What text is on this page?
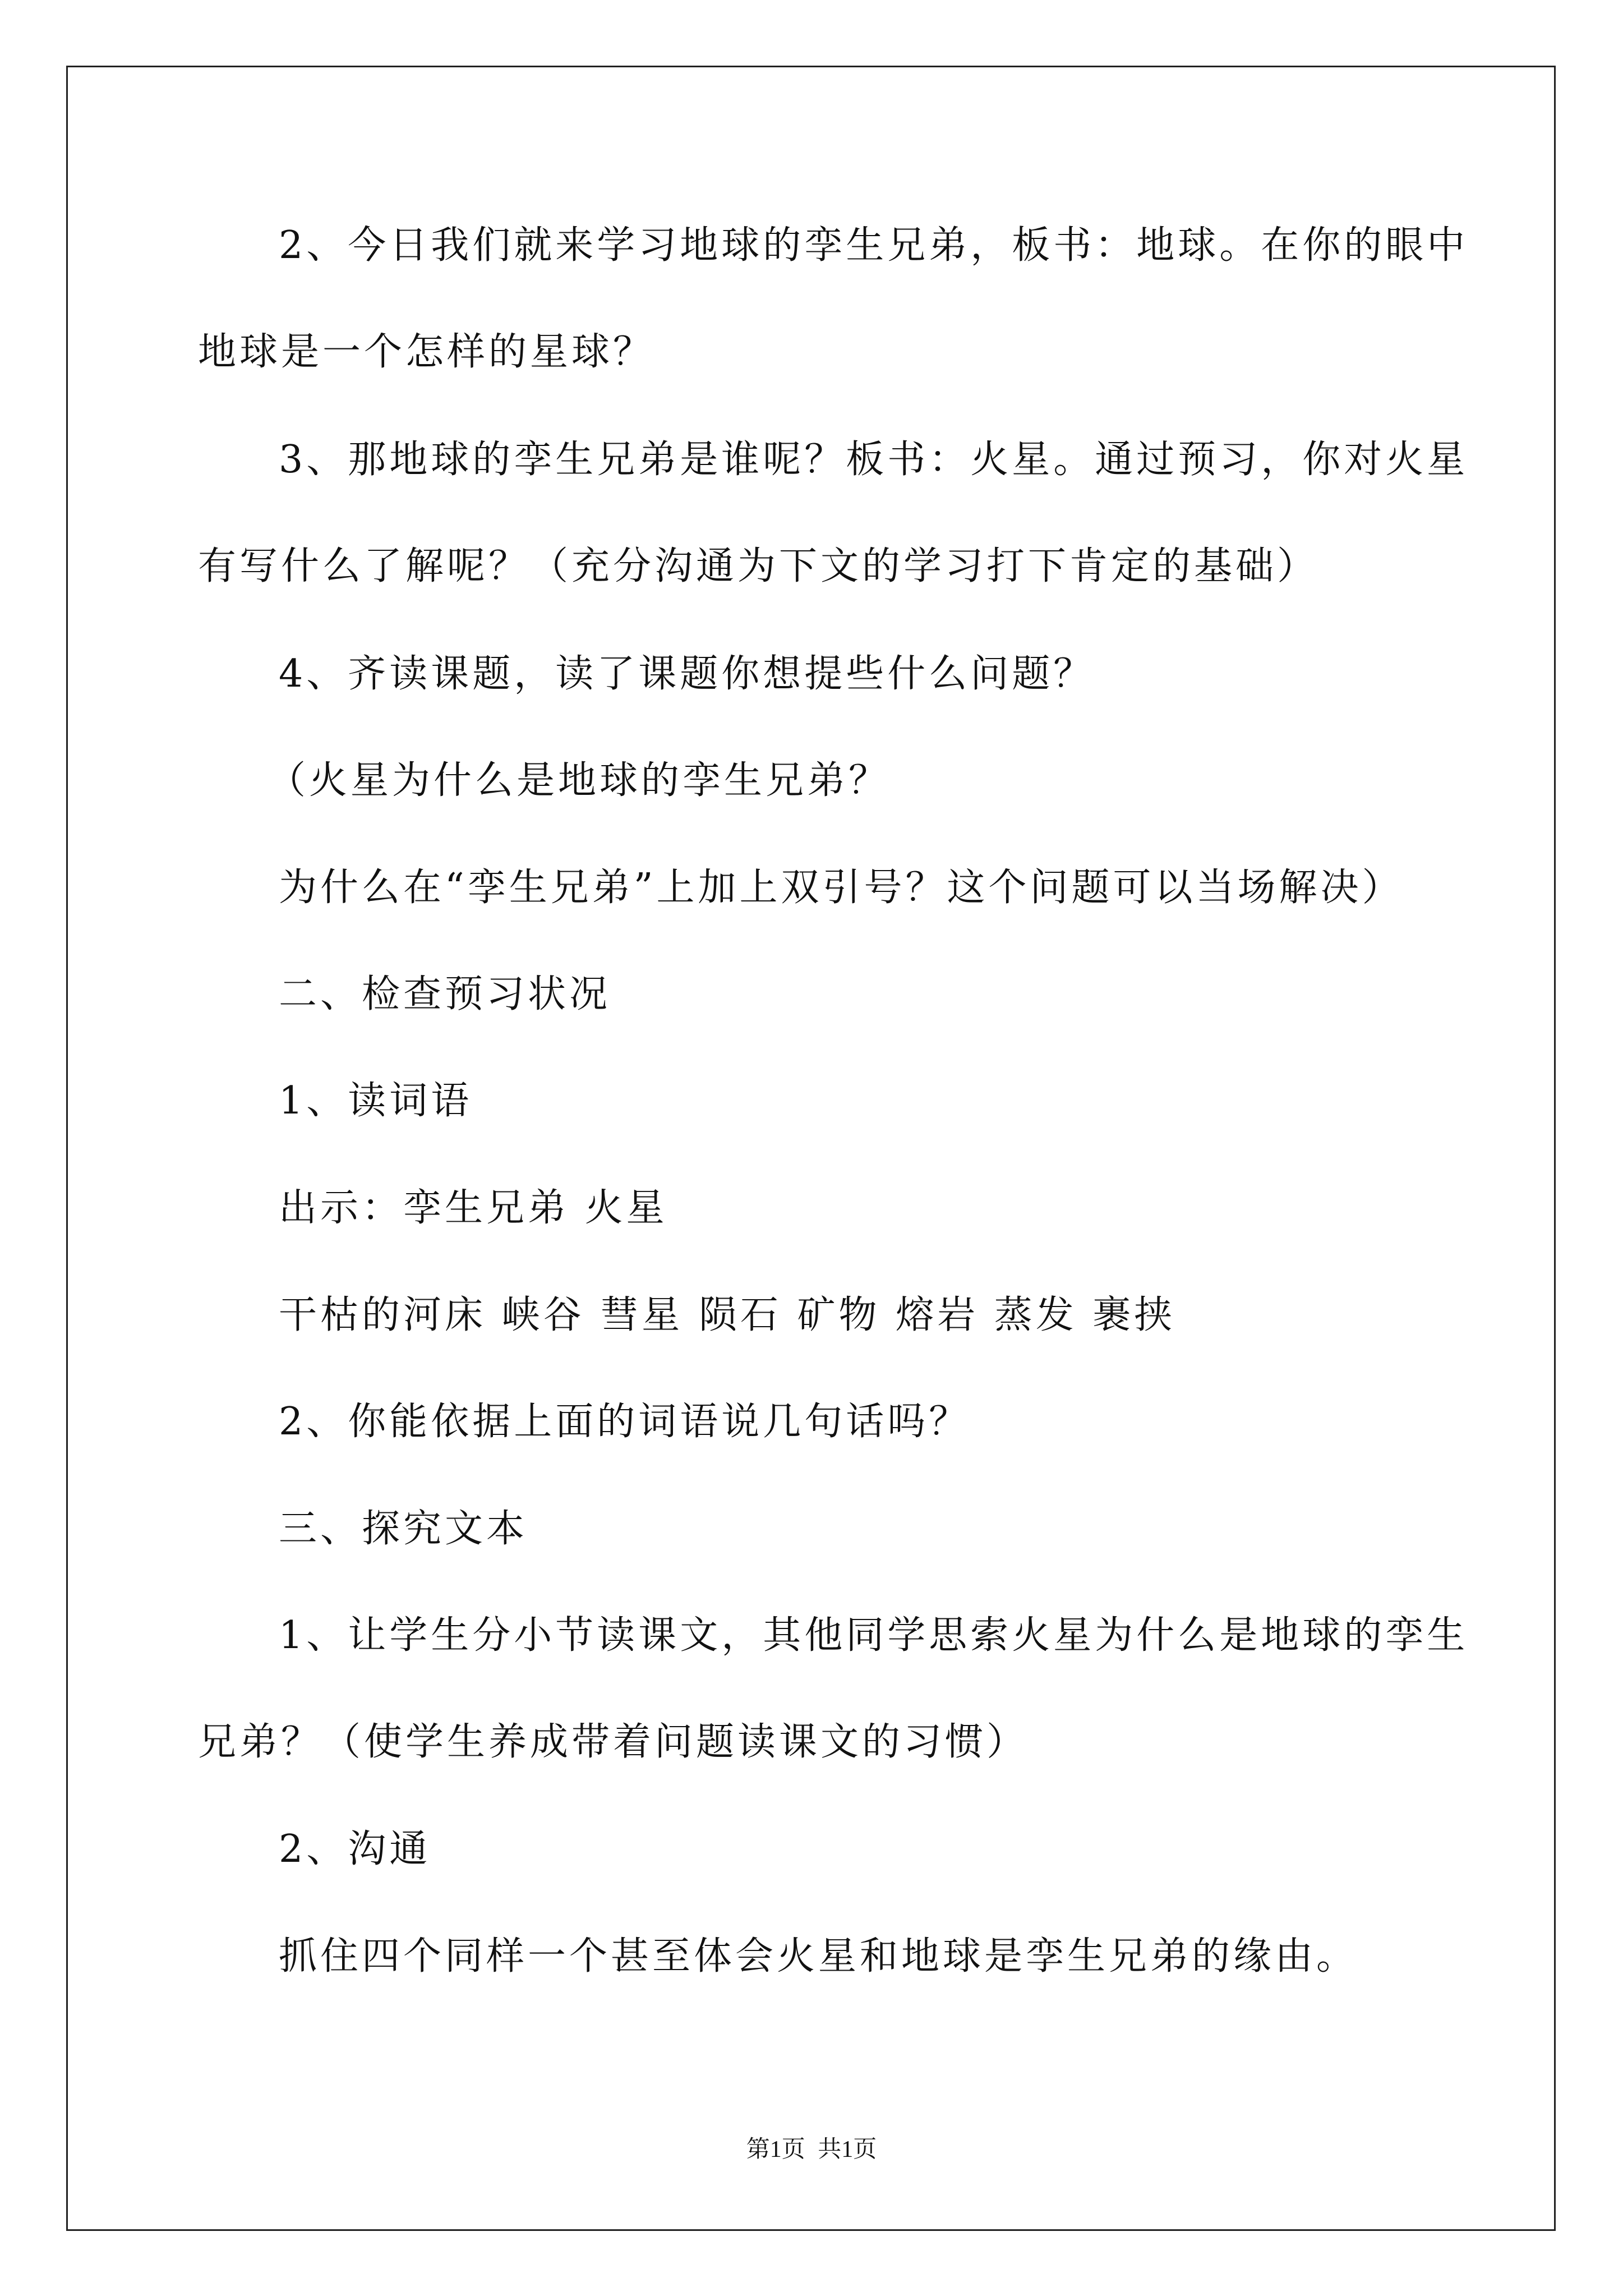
2、今日我们就来学习地球的孪生兄弟，板书：地球。在你的眼中
地球是一个怎样的星球？
3、那地球的孪生兄弟是谁呢？板书：火星。通过预习，你对火星
有写什么了解呢？（充分沟通为下文的学习打下肯定的基础）
4、齐读课题，读了课题你想提些什么问题？
（火星为什么是地球的孪生兄弟？
为什么在“孪生兄弟”上加上双引号？这个问题可以当场解决）
二、检查预习状况
1、读词语
出示：孪生兄弟 火星
干枯的河床 峡谷 彗星 陨石 矿物 熔岩 蒸发 裹挟
2、你能依据上面的词语说几句话吗？
三、探究文本
1、让学生分小节读课文，其他同学思索火星为什么是地球的孪生
兄弟？（使学生养成带着问题读课文的习惯）
2、沟通
抓住四个同样一个甚至体会火星和地球是孪生兄弟的缘由。
第1页 共1页
